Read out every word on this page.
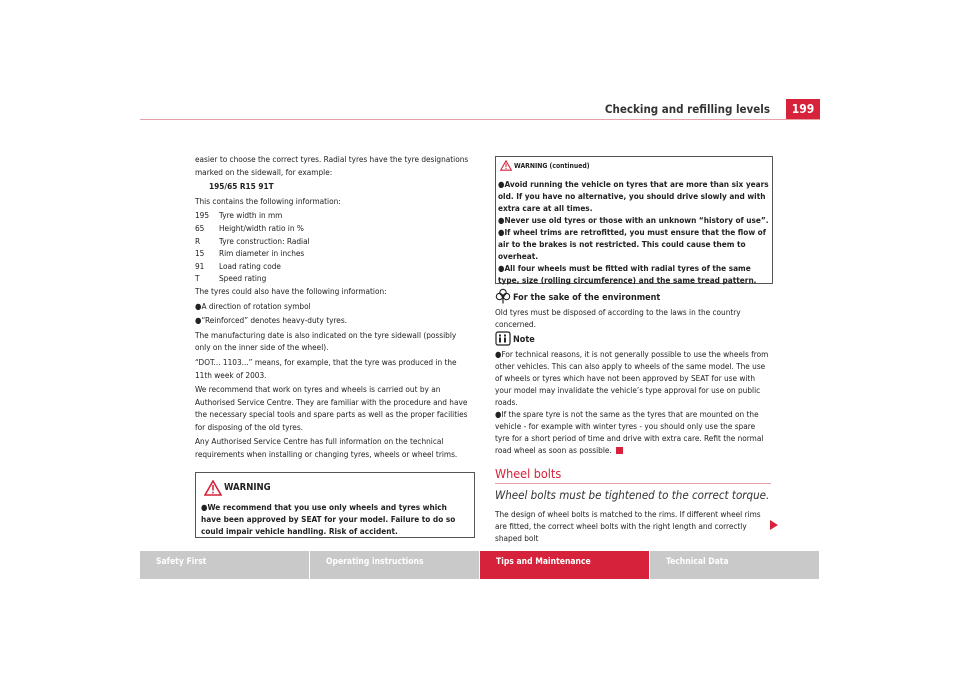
Checking and refilling levels	199

easier to choose the correct tyres. Radial tyres have the tyre designations marked on the sidewall, for example:

195/65 R15 91T

This contains the following information:

195	Tyre width in mm
65	Height/width ratio in %
R	Tyre construction: Radial
15	Rim diameter in inches
91	Load rating code
T	Speed rating

The tyres could also have the following information:

●A direction of rotation symbol

●“Reinforced” denotes heavy-duty tyres.

The manufacturing date is also indicated on the tyre sidewall (possibly only on the inner side of the wheel).

“DOT... 1103...” means, for example, that the tyre was produced in the 11th week of 2003.

We recommend that work on tyres and wheels is carried out by an Authorised Service Centre. They are familiar with the procedure and have the necessary special tools and spare parts as well as the proper facilities for disposing of the old tyres.

Any Authorised Service Centre has full information on the technical requirements when installing or changing tyres, wheels or wheel trims.

WARNING
●We recommend that you use only wheels and tyres which have been approved by SEAT for your model. Failure to do so could impair vehicle handling. Risk of accident.
WARNING (continued)
●Avoid running the vehicle on tyres that are more than six years old. If you have no alternative, you should drive slowly and with extra care at all times.
●Never use old tyres or those with an unknown “history of use”.
●If wheel trims are retrofitted, you must ensure that the flow of air to the brakes is not restricted. This could cause them to overheat.
●All four wheels must be fitted with radial tyres of the same type, size (rolling circumference) and the same tread pattern.
For the sake of the environment
Old tyres must be disposed of according to the laws in the country concerned.
Note
●For technical reasons, it is not generally possible to use the wheels from other vehicles. This can also apply to wheels of the same model. The use of wheels or tyres which have not been approved by SEAT for use with your model may invalidate the vehicle’s type approval for use on public roads.
●If the spare tyre is not the same as the tyres that are mounted on the vehicle - for example with winter tyres - you should only use the spare tyre for a short period of time and drive with extra care. Refit the normal road wheel as soon as possible.
Wheel bolts
Wheel bolts must be tightened to the correct torque.
The design of wheel bolts is matched to the rims. If different wheel rims are fitted, the correct wheel bolts with the right length and correctly shaped bolt
Safety First	Operating instructions	Tips and Maintenance	Technical Data
